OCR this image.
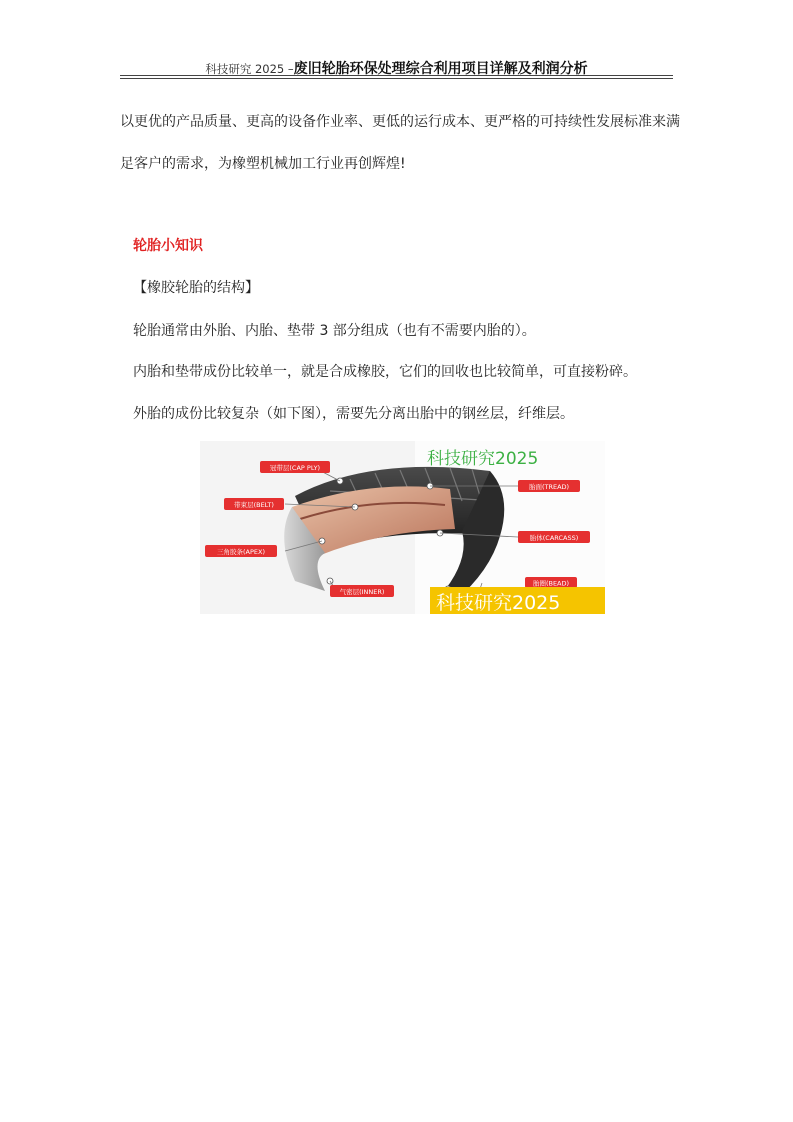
科技研究 2025 –废旧轮胎环保处理综合利用项目详解及利润分析
以更优的产品质量、更高的设备作业率、更低的运行成本、更严格的可持续性发展标准来满
足客户的需求，为橡塑机械加工行业再创辉煌!
轮胎小知识
【橡胶轮胎的结构】
轮胎通常由外胎、内胎、垫带 3 部分组成（也有不需要内胎的）。
内胎和垫带成份比较单一，就是合成橡胶，它们的回收也比较简单，可直接粉碎。
外胎的成份比较复杂（如下图），需要先分离出胎中的钢丝层，纤维层。
冠带层(CAP PLY)
带束层(BELT)
三角胶条(APEX)
气密层(INNER)
胎面(TREAD)
胎体(CARCASS)
胎圈(BEAD)
科技研究2025
科技研究2025
